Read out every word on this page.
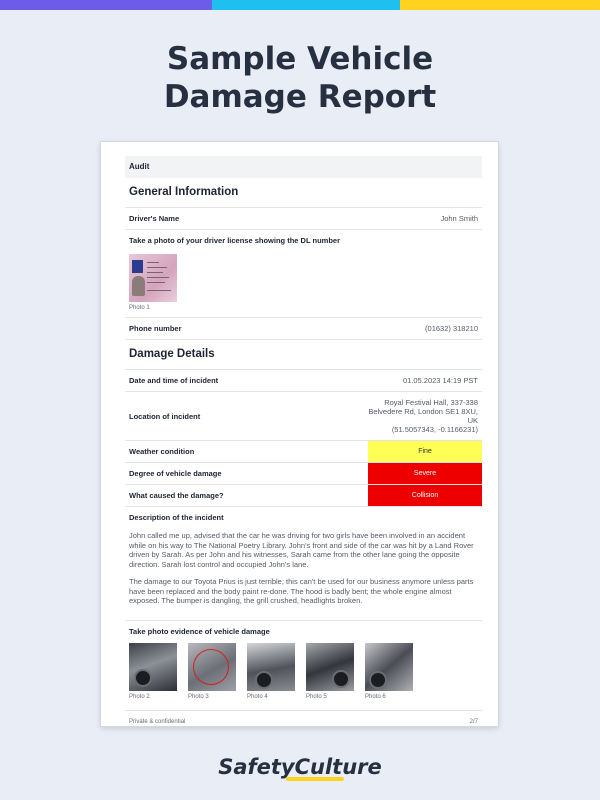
Sample Vehicle
Damage Report
Audit
General Information
Driver's Name	John Smith
Take a photo of your driver license showing the DL number
Photo 1
Phone number	(01632) 318210
Damage Details
Date and time of incident	01.05.2023 14:19 PST
Location of incident
Royal Festival Hall, 337-338
Belvedere Rd, London SE1 8XU,
UK
(51.5057343, -0.1166231)
Weather condition	Fine
Degree of vehicle damage	Severe
What caused the damage?	Collision
Description of the incident

John called me up, advised that the car he was driving for two girls have been involved in an accident while on his way to The National Poetry Library. John's front and side of the car was hit by a Land Rover driven by Sarah. As per John and his witnesses, Sarah came from the other lane going the opposite direction. Sarah lost control and occupied John's lane.

The damage to our Toyota Prius is just terrible; this can't be used for our business anymore unless parts have been replaced and the body paint re-done. The hood is badly bent; the whole engine almost exposed. The bumper is dangling, the grill crushed, headlights broken.

Take photo evidence of vehicle damage
Photo 2	Photo 3	Photo 4	Photo 5	Photo 6
Private & confidential	2/7
SafetyCulture
